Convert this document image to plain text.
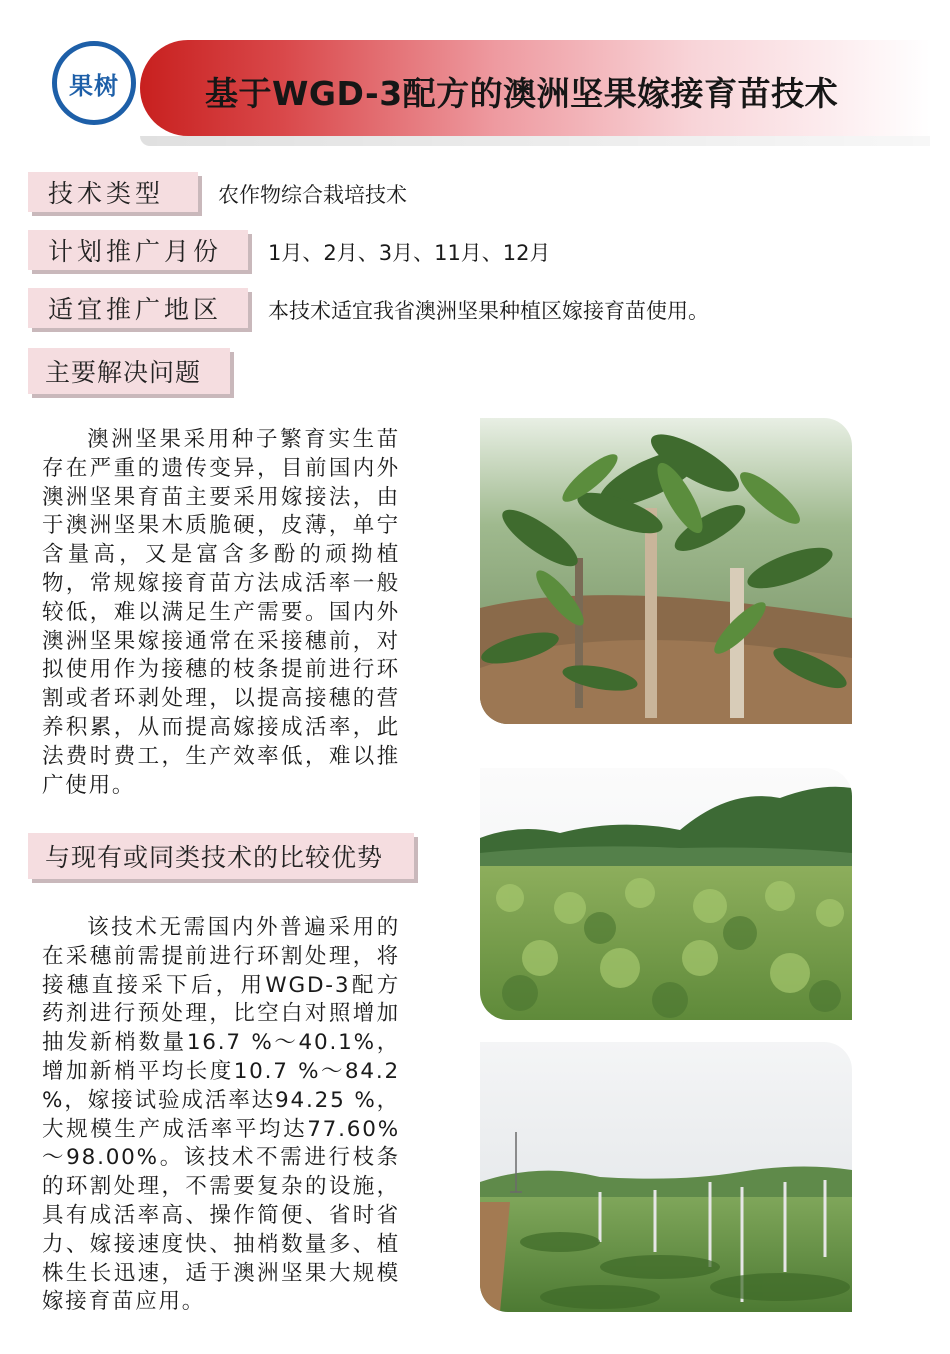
果树	基于WGD-3配方的澳洲坚果嫁接育苗技术
技术类型	农作物综合栽培技术
计划推广月份	1月、2月、3月、11月、12月
适宜推广地区	本技术适宜我省澳洲坚果种植区嫁接育苗使用。
主要解决问题

澳洲坚果采用种子繁育实生苗存在严重的遗传变异，目前国内外澳洲坚果育苗主要采用嫁接法，由于澳洲坚果木质脆硬，皮薄，单宁含量高，又是富含多酚的顽拗植物，常规嫁接育苗方法成活率一般较低，难以满足生产需要。国内外澳洲坚果嫁接通常在采接穗前，对拟使用作为接穗的枝条提前进行环割或者环剥处理，以提高接穗的营养积累，从而提高嫁接成活率，此法费时费工，生产效率低，难以推广使用。

与现有或同类技术的比较优势

该技术无需国内外普遍采用的在采穗前需提前进行环割处理，将接穗直接采下后，用WGD-3配方药剂进行预处理，比空白对照增加抽发新梢数量16.7 %～40.1%，增加新梢平均长度10.7 %～84.2 %，嫁接试验成活率达94.25 %，大规模生产成活率平均达77.60%～98.00%。该技术不需进行枝条的环割处理，不需要复杂的设施，具有成活率高、操作简便、省时省力、嫁接速度快、抽梢数量多、植株生长迅速，适于澳洲坚果大规模嫁接育苗应用。
